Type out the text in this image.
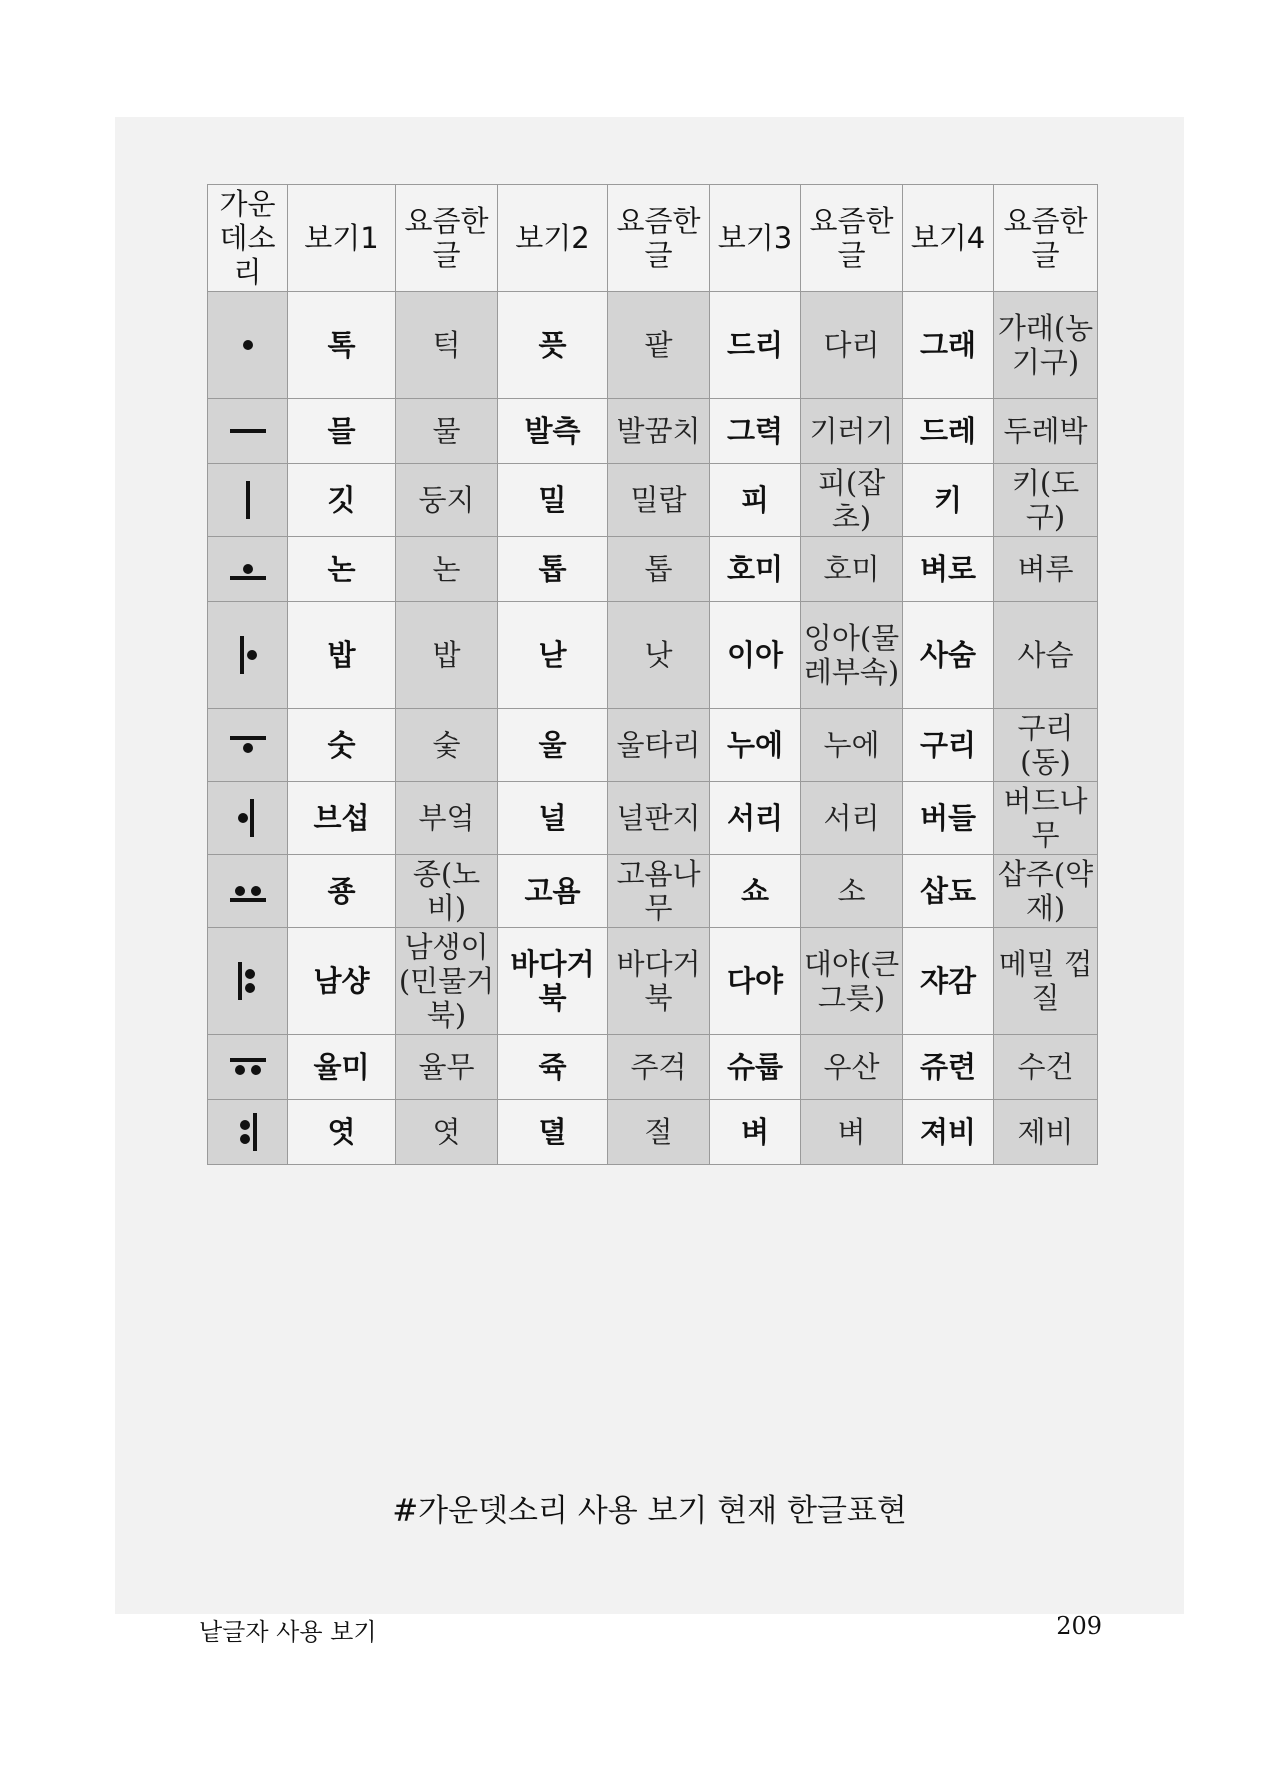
가운데소리	보기1	요즘한글	보기2	요즘한글	보기3	요즘한글	보기4	요즘한글

	톡	턱	픗	팥	드리	다리	그래	가래(농기구)

	믈	물	발측	발꿈치	그력	기러기	드레	두레박

	깃	둥지	밀	밀랍	피	피(잡초)	키	키(도구)

	논	논	톱	톱	호미	호미	벼로	벼루

	밥	밥	낟	낫	이아	잉아(물레부속)	사숨	사슴

	숫	숯	울	울타리	누에	누에	구리	구리(동)

	브섭	부엌	널	널판지	서리	서리	버들	버드나무

	죵	종(노비)	고욤	고욤나무	쇼	소	삽됴	삽주(약재)

	남샹	남생이(민물거북)	바다거북	바다거북	다야	대야(큰 그릇)	쟈감	메밀 껍질

	율미	율무	쥭	주걱	슈룹	우산	쥬련	수건

	엿	엿	뎔	절	벼	벼	져비	제비
#가운뎃소리 사용 보기 현재 한글표현
낱글자 사용 보기	209
